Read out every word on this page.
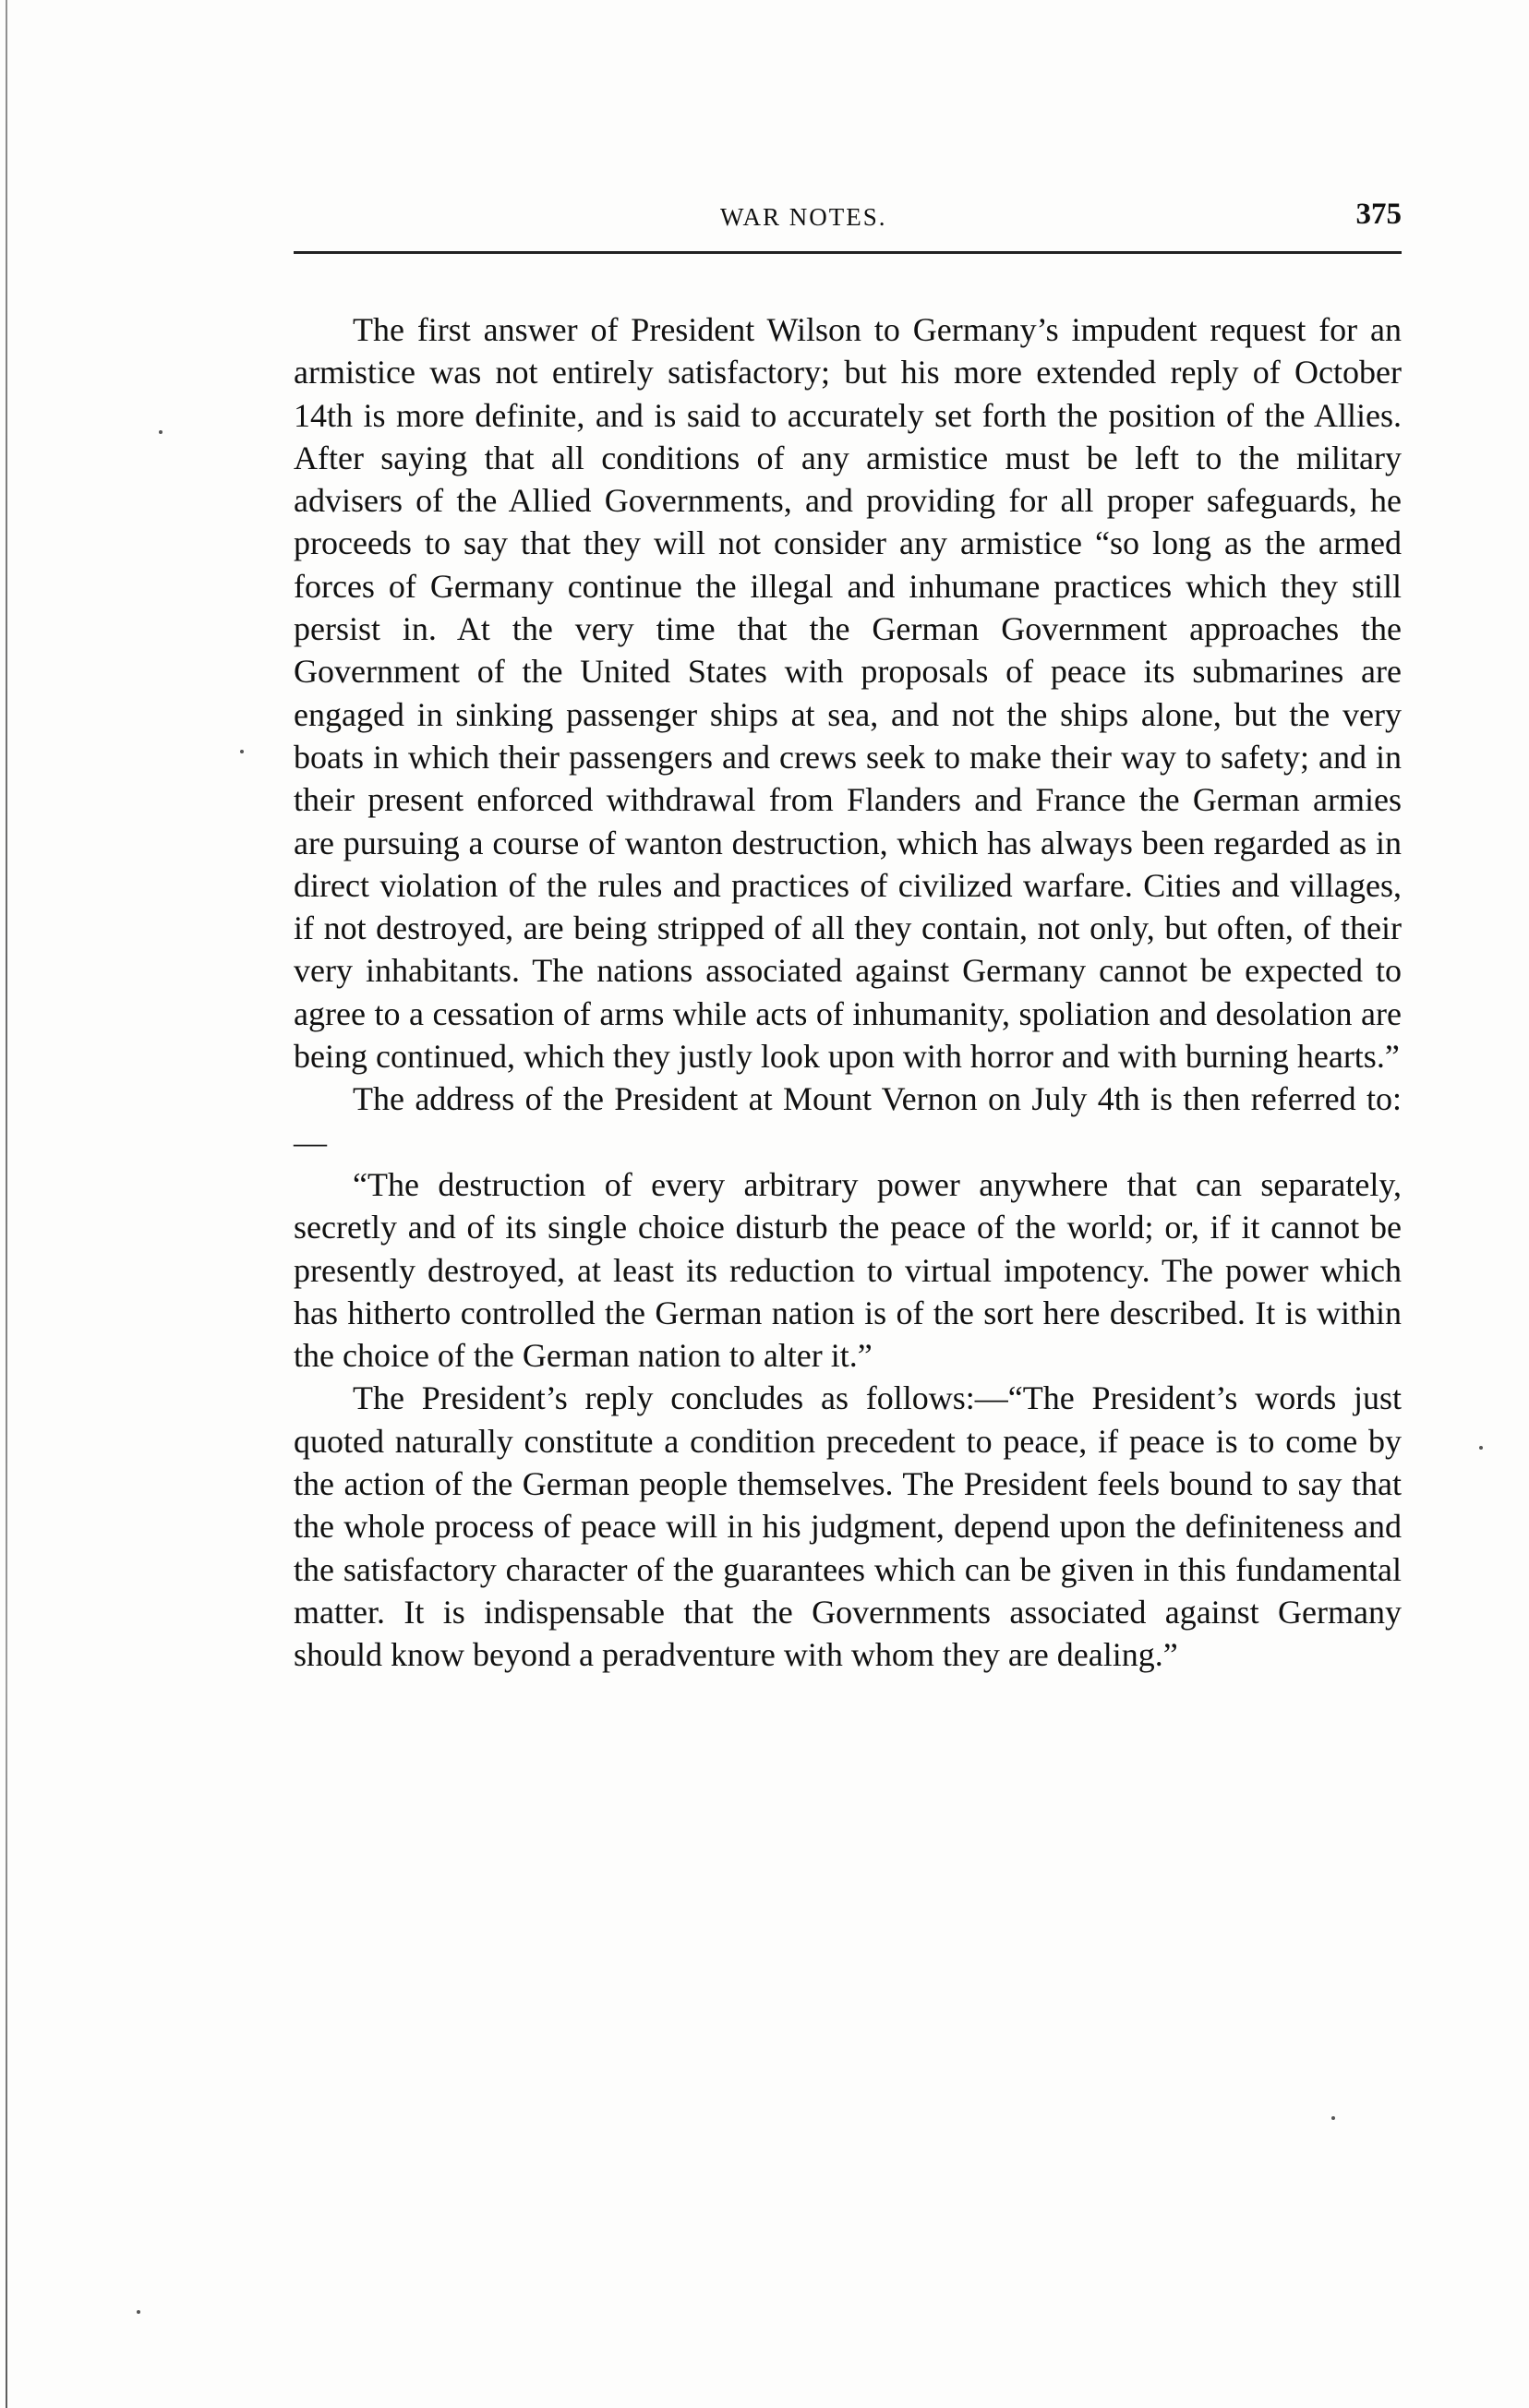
WAR NOTES.	375

The first answer of President Wilson to Germany’s impudent request for an armistice was not entirely satisfactory; but his more extended reply of October 14th is more definite, and is said to accurately set forth the position of the Allies. After saying that all conditions of any armistice must be left to the military advisers of the Allied Governments, and providing for all proper safeguards, he proceeds to say that they will not consider any armistice “so long as the armed forces of Germany continue the illegal and inhumane practices which they still persist in. At the very time that the German Government approaches the Government of the United States with proposals of peace its submarines are engaged in sinking passenger ships at sea, and not the ships alone, but the very boats in which their passengers and crews seek to make their way to safety; and in their present enforced withdrawal from Flanders and France the German armies are pursuing a course of wanton destruction, which has always been regarded as in direct violation of the rules and practices of civilized warfare. Cities and villages, if not destroyed, are being stripped of all they contain, not only, but often, of their very inhabitants. The nations associated against Germany cannot be expected to agree to a cessation of arms while acts of inhumanity, spoliation and desolation are being continued, which they justly look upon with horror and with burning hearts.”

The address of the President at Mount Vernon on July 4th is then referred to:—

“The destruction of every arbitrary power anywhere that can separately, secretly and of its single choice disturb the peace of the world; or, if it cannot be presently destroyed, at least its reduction to virtual impotency. The power which has hitherto controlled the German nation is of the sort here described. It is within the choice of the German nation to alter it.”

The President’s reply concludes as follows:—“The President’s words just quoted naturally constitute a condition precedent to peace, if peace is to come by the action of the German people themselves. The President feels bound to say that the whole process of peace will in his judgment, depend upon the definiteness and the satisfactory character of the guarantees which can be given in this fundamental matter. It is indispensable that the Governments associated against Germany should know beyond a peradventure with whom they are dealing.”
